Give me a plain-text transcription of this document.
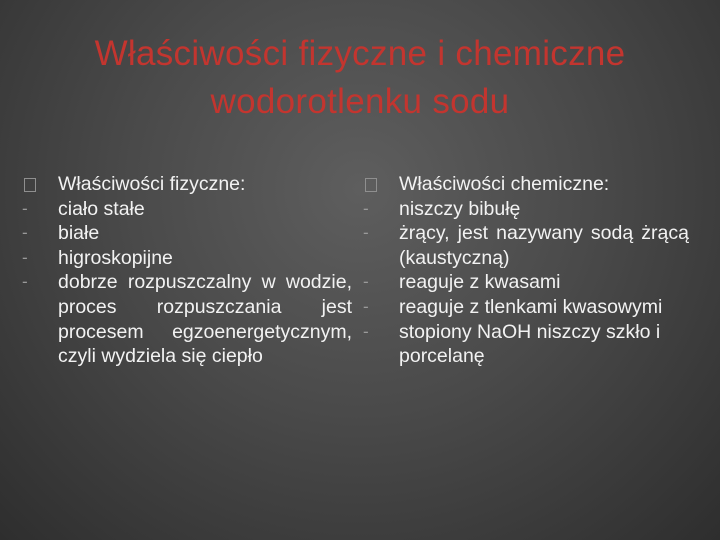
Właściwości fizyczne i chemiczne
wodorotlenku sodu
Właściwości fizyczne:
-	ciało stałe
-	białe
-	higroskopijne
-	dobrze rozpuszczalny w wodzie, proces rozpuszczania jest procesem egzoenergetycznym, czyli wydziela się ciepło
Właściwości chemiczne:
-	niszczy bibułę
-	żrący, jest nazywany sodą żrącą (kaustyczną)
-	reaguje z kwasami
-	reaguje z tlenkami kwasowymi
-	stopiony NaOH niszczy szkło i porcelanę
